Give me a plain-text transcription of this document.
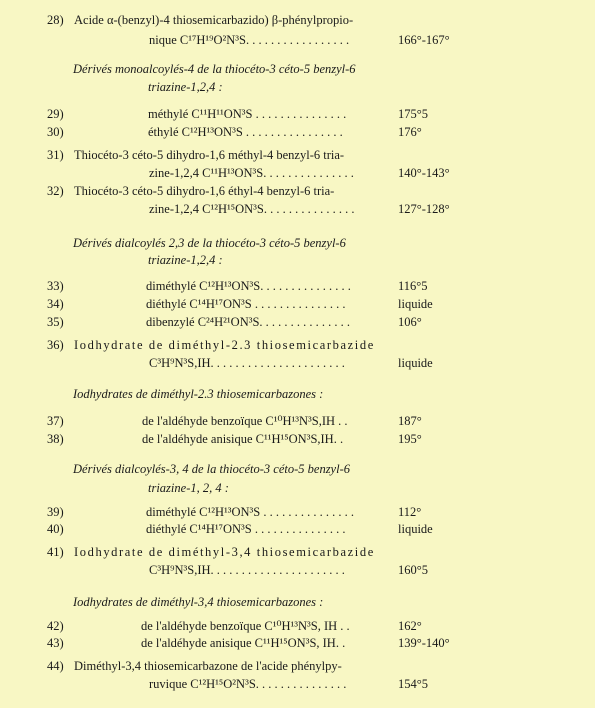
28) Acide α-(benzyl)-4 thiosemicarbazido) β-phénylpropio-
nique C¹⁷H¹⁹O²N³S. . . . . . . . . . . . . . . . .	166°-167°
Dérivés monoalcoylés-4 de la thiocéto-3 céto-5 benzyl-6
triazine-1,2,4 :
29)	méthylé C¹¹H¹¹ON³S . . . . . . . . . . . . . . .	175°5
30)	éthylé C¹²H¹³ON³S . . . . . . . . . . . . . . . .	176°
31) Thiocéto-3 céto-5 dihydro-1,6 méthyl-4 benzyl-6 tria-
zine-1,2,4 C¹¹H¹³ON³S. . . . . . . . . . . . . . .	140°-143°
32) Thiocéto-3 céto-5 dihydro-1,6 éthyl-4 benzyl-6 tria-
zine-1,2,4 C¹²H¹⁵ON³S. . . . . . . . . . . . . . .	127°-128°
Dérivés dialcoylés 2,3 de la thiocéto-3 céto-5 benzyl-6
triazine-1,2,4 :
33)	diméthylé C¹²H¹³ON³S. . . . . . . . . . . . . . .	116°5
34)	diéthylé C¹⁴H¹⁷ON³S . . . . . . . . . . . . . . .	liquide
35)	dibenzylé C²⁴H²¹ON³S. . . . . . . . . . . . . . .	106°
36) Iodhydrate de diméthyl-2.3 thiosemicarbazide
C³H⁹N³S,IH. . . . . . . . . . . . . . . . . . . . . .	liquide
Iodhydrates de diméthyl-2.3 thiosemicarbazones :
37)	de l'aldéhyde benzoïque C¹⁰H¹³N³S,IH . .	187°
38)	de l'aldéhyde anisique C¹¹H¹⁵ON³S,IH. .	195°
Dérivés dialcoylés-3, 4 de la thiocéto-3 céto-5 benzyl-6
triazine-1, 2, 4 :
39)	diméthylé C¹²H¹³ON³S . . . . . . . . . . . . . . .	112°
40)	diéthylé C¹⁴H¹⁷ON³S . . . . . . . . . . . . . . .	liquide
41) Iodhydrate de diméthyl-3,4 thiosemicarbazide
C³H⁹N³S,IH. . . . . . . . . . . . . . . . . . . . . .	160°5
Iodhydrates de diméthyl-3,4 thiosemicarbazones :
42)	de l'aldéhyde benzoïque C¹⁰H¹³N³S, IH . .	162°
43)	de l'aldéhyde anisique C¹¹H¹⁵ON³S, IH. .	139°-140°
44) Diméthyl-3,4 thiosemicarbazone de l'acide phénylpy-
ruvique C¹²H¹⁵O²N³S. . . . . . . . . . . . . . .	154°5
